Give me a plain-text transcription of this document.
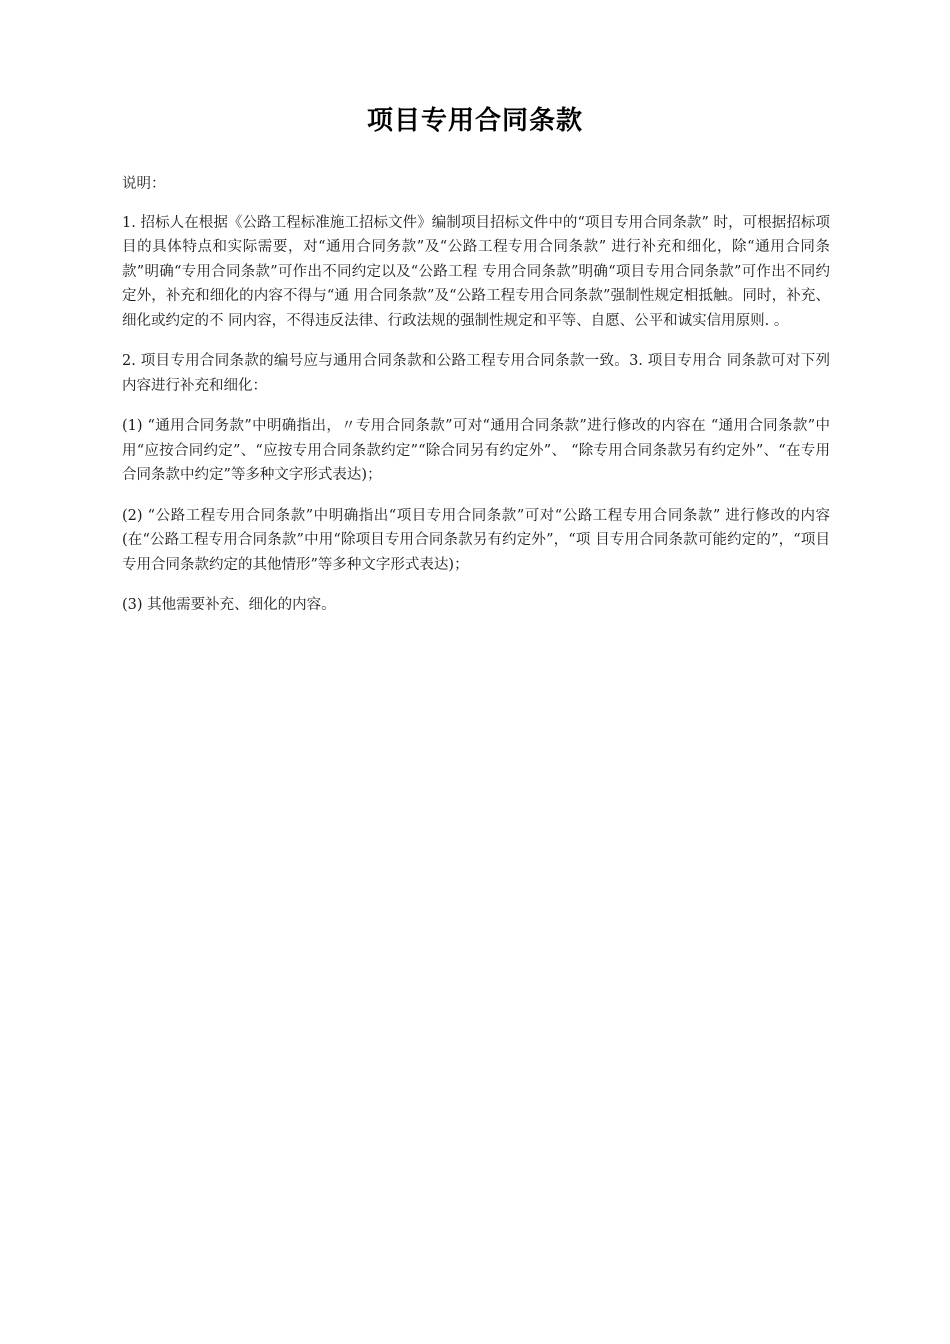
项目专用合同条款
说明：
1. 招标人在根据《公路工程标准施工招标文件》编制项目招标文件中的“项目专用合同条款” 时，可根据招标项目的具体特点和实际需要，对“通用合同务款”及“公路工程专用合同条款” 进行补充和细化，除“通用合同条款”明确“专用合同条款”可作出不同约定以及“公路工程 专用合同条款”明确“项目专用合同条款”可作出不同约定外，补充和细化的内容不得与“通 用合同条款”及“公路工程专用合同条款”强制性规定相抵触。同时，补充、细化或约定的不 同内容，不得违反法律、行政法规的强制性规定和平等、自愿、公平和诚实信用原则. 。
2. 项目专用合同条款的编号应与通用合同条款和公路工程专用合同条款一致。3. 项目专用合 同条款可对下列内容进行补充和细化：
(1) “通用合同务款”中明确指出，〃专用合同条款”可对“通用合同条款”进行修改的内容在 “通用合同条款”中用“应按合同约定”、“应按专用合同条款约定”“除合同另有约定外”、 “除专用合同条款另有约定外”、“在专用合同条款中约定”等多种文字形式表达)；
(2) “公路工程专用合同条款”中明确指出“项目专用合同条款”可对“公路工程专用合同条款” 进行修改的内容(在“公路工程专用合同条款”中用“除项目专用合同条款另有约定外”，“项 目专用合同条款可能约定的”，“项目专用合同条款约定的其他情形”等多种文字形式表达)；
(3) 其他需要补充、细化的内容。
